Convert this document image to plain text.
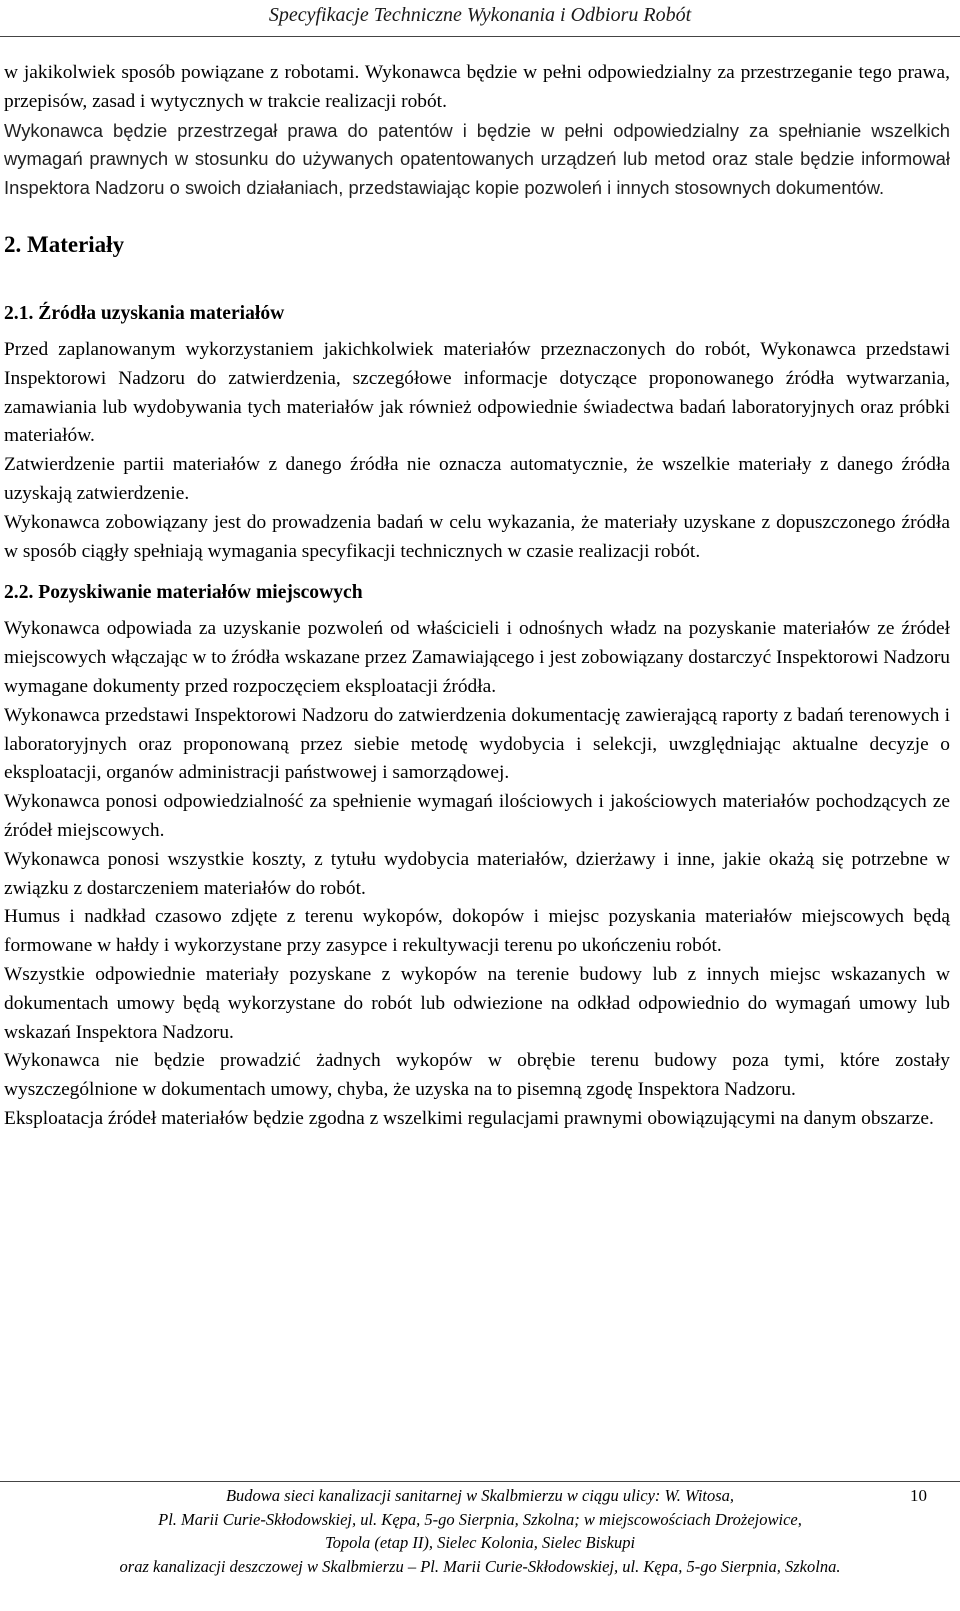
Specyfikacje Techniczne Wykonania i Odbioru Robót

w jakikolwiek sposób powiązane z robotami. Wykonawca będzie w pełni odpowiedzialny za przestrzeganie tego prawa, przepisów, zasad i wytycznych w trakcie realizacji robót.

Wykonawca będzie przestrzegał prawa do patentów i będzie w pełni odpowiedzialny za spełnianie wszelkich wymagań prawnych w stosunku do używanych opatentowanych urządzeń lub metod oraz stale będzie informował Inspektora Nadzoru o swoich działaniach, przedstawiając kopie pozwoleń i innych stosownych dokumentów.

2. Materiały
2.1. Źródła uzyskania materiałów

Przed zaplanowanym wykorzystaniem jakichkolwiek materiałów przeznaczonych do robót, Wykonawca przedstawi Inspektorowi Nadzoru do zatwierdzenia, szczegółowe informacje dotyczące proponowanego źródła wytwarzania, zamawiania lub wydobywania tych materiałów jak również odpowiednie świadectwa badań laboratoryjnych oraz próbki materiałów.

Zatwierdzenie partii materiałów z danego źródła nie oznacza automatycznie, że wszelkie materiały z danego źródła uzyskają zatwierdzenie.

Wykonawca zobowiązany jest do prowadzenia badań w celu wykazania, że materiały uzyskane z dopuszczonego źródła w sposób ciągły spełniają wymagania specyfikacji technicznych w czasie realizacji robót.

2.2. Pozyskiwanie materiałów miejscowych

Wykonawca odpowiada za uzyskanie pozwoleń od właścicieli i odnośnych władz na pozyskanie materiałów ze źródeł miejscowych włączając w to źródła wskazane przez Zamawiającego i jest zobowiązany dostarczyć Inspektorowi Nadzoru wymagane dokumenty przed rozpoczęciem eksploatacji źródła.

Wykonawca przedstawi Inspektorowi Nadzoru do zatwierdzenia dokumentację zawierającą raporty z badań terenowych i laboratoryjnych oraz proponowaną przez siebie metodę wydobycia i selekcji, uwzględniając aktualne decyzje o eksploatacji, organów administracji państwowej i samorządowej.

Wykonawca ponosi odpowiedzialność za spełnienie wymagań ilościowych i jakościowych materiałów pochodzących ze źródeł miejscowych.

Wykonawca ponosi wszystkie koszty, z tytułu wydobycia materiałów, dzierżawy i inne, jakie okażą się potrzebne w związku z dostarczeniem materiałów do robót.

Humus i nadkład czasowo zdjęte z terenu wykopów, dokopów i miejsc pozyskania materiałów miejscowych będą formowane w hałdy i wykorzystane przy zasypce i rekultywacji terenu po ukończeniu robót.

Wszystkie odpowiednie materiały pozyskane z wykopów na terenie budowy lub z innych miejsc wskazanych w dokumentach umowy będą wykorzystane do robót lub odwiezione na odkład odpowiednio do wymagań umowy lub wskazań Inspektora Nadzoru.

Wykonawca nie będzie prowadzić żadnych wykopów w obrębie terenu budowy poza tymi, które zostały wyszczególnione w dokumentach umowy, chyba, że uzyska na to pisemną zgodę Inspektora Nadzoru.

Eksploatacja źródeł materiałów będzie zgodna z wszelkimi regulacjami prawnymi obowiązującymi na danym obszarze.

Budowa sieci kanalizacji sanitarnej w Skalbmierzu w ciągu ulicy: W. Witosa,
Pl. Marii Curie-Skłodowskiej, ul. Kępa, 5-go Sierpnia, Szkolna; w miejscowościach Drożejowice,
Topola (etap II), Sielec Kolonia, Sielec Biskupi
oraz kanalizacji deszczowej w Skalbmierzu – Pl. Marii Curie-Skłodowskiej, ul. Kępa, 5-go Sierpnia, Szkolna.
10
